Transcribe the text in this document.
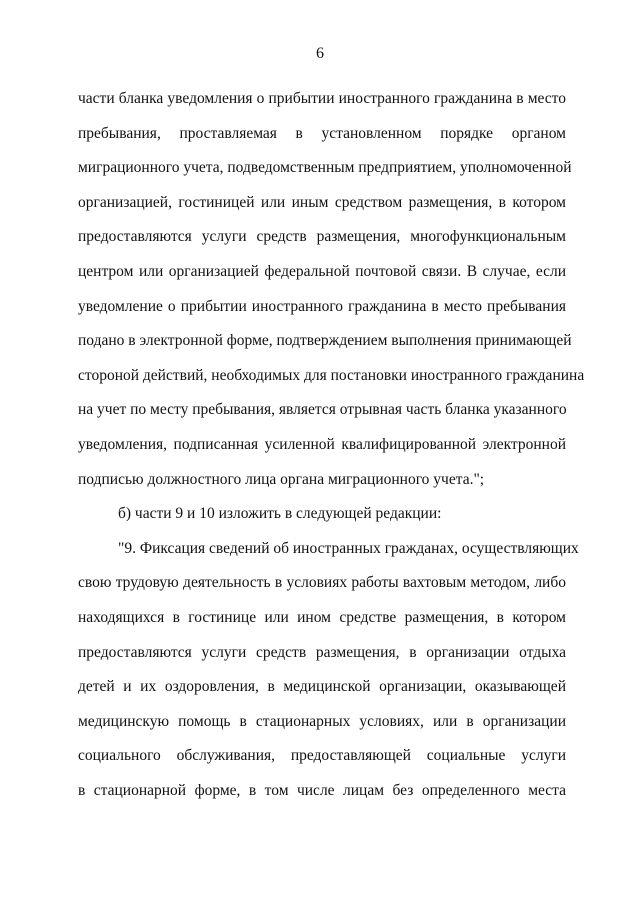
6
части бланка уведомления о прибытии иностранного гражданина в место
пребывания, проставляемая в установленном порядке органом
миграционного учета, подведомственным предприятием, уполномоченной
организацией, гостиницей или иным средством размещения, в котором
предоставляются услуги средств размещения, многофункциональным
центром или организацией федеральной почтовой связи. В случае, если
уведомление о прибытии иностранного гражданина в место пребывания
подано в электронной форме, подтверждением выполнения принимающей
стороной действий, необходимых для постановки иностранного гражданина
на учет по месту пребывания, является отрывная часть бланка указанного
уведомления, подписанная усиленной квалифицированной электронной
подписью должностного лица органа миграционного учета.";
б) части 9 и 10 изложить в следующей редакции:
"9. Фиксация сведений об иностранных гражданах, осуществляющих
свою трудовую деятельность в условиях работы вахтовым методом, либо
находящихся в гостинице или ином средстве размещения, в котором
предоставляются услуги средств размещения, в организации отдыха
детей и их оздоровления, в медицинской организации, оказывающей
медицинскую помощь в стационарных условиях, или в организации
социального обслуживания, предоставляющей социальные услуги
в стационарной форме, в том числе лицам без определенного места
